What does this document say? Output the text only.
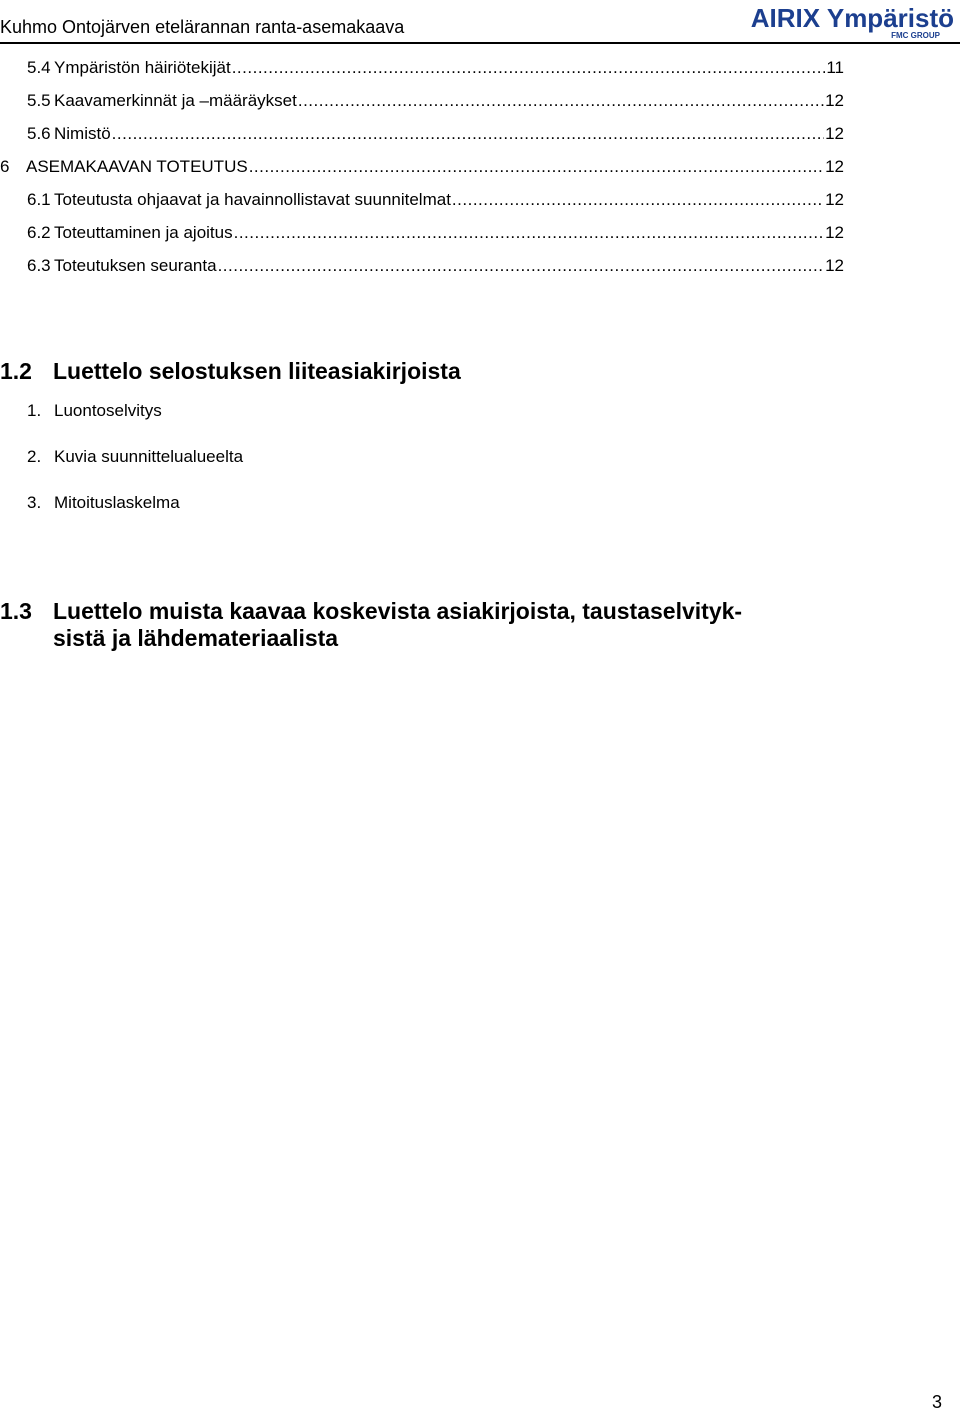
Kuhmo Ontojärven etelärannan ranta-asemakaava	AIRIX Ympäristö
FMC GROUP
5.4 Ympäristön häiriötekijät .....	11
5.5 Kaavamerkinnät ja –määräykset .....	12
5.6 Nimistö .....	12
6 ASEMAKAAVAN TOTEUTUS .....	12
6.1 Toteutusta ohjaavat ja havainnollistavat suunnitelmat .....	12
6.2 Toteuttaminen ja ajoitus .....	12
6.3 Toteutuksen seuranta .....	12
1.2 Luettelo selostuksen liiteasiakirjoista
1. Luontoselvitys
2. Kuvia suunnittelualueelta
3. Mitoituslaskelma
1.3 Luettelo muista kaavaa koskevista asiakirjoista, taustaselvityk-
sistä ja lähdemateriaalista
3
